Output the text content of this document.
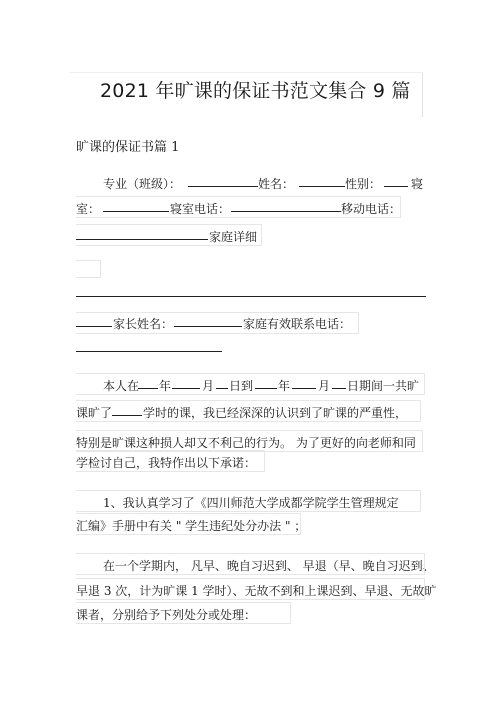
2021 年旷课的保证书范文集合 9 篇
旷课的保证书篇 1
专业（班级）：	姓名：	性别： 寝
室：	寝室电话：	移动电话：
家庭详细
家长姓名：	家庭有效联系电话：
本人在 年	月 日到 年 月 日期间一共旷
课旷了	学时的课，我已经深深的认识到了旷课的严重性，
特别是旷课这种损人却又不利己的行为。 为了更好的向老师和同
学检讨自己，我特作出以下承诺：
1、我认真学习了《四川师范大学成都学院学生管理规定
汇编》手册中有关 " 学生违纪处分办法 " ；
在一个学期内， 凡早、晚自习迟到、 早退（早、晚自习迟到、
早退 3 次，计为旷课 1 学时）、无故不到和上课迟到、早退、无故旷
课者，分别给予下列处分或处理：
